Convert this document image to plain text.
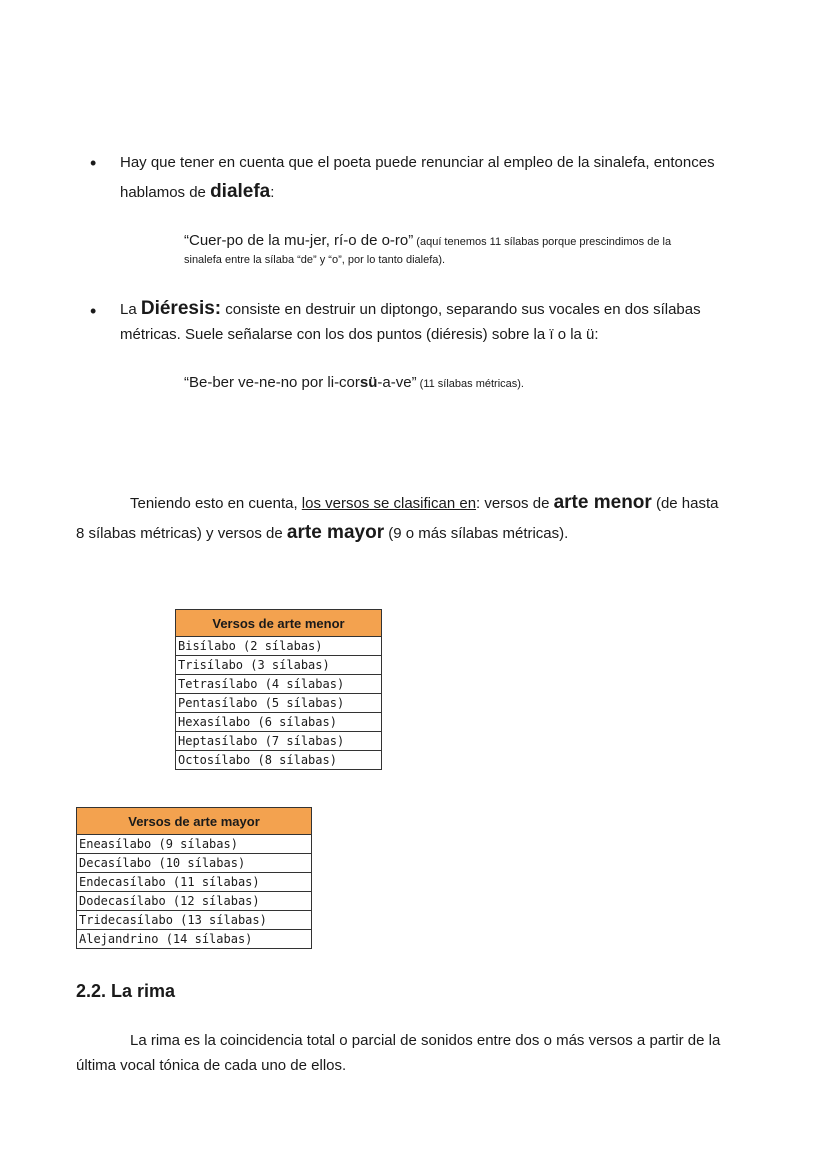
• Hay que tener en cuenta que el poeta puede renunciar al empleo de la sinalefa, entonces
hablamos de dialefa:
“Cuer-po de la mu-jer, rí-o de o-ro” (aquí tenemos 11 sílabas porque prescindimos de la
sinalefa entre la sílaba “de” y “o”, por lo tanto dialefa).
• La Diéresis: consiste en destruir un diptongo, separando sus vocales en dos sílabas
métricas. Suele señalarse con los dos puntos (diéresis) sobre la ï o la ü:
“Be-ber ve-ne-no por li-corsü-a-ve” (11 sílabas métricas).
Teniendo esto en cuenta, los versos se clasifican en: versos de arte menor (de hasta
8 sílabas métricas) y versos de arte mayor (9 o más sílabas métricas).
Versos de arte menor
Bisílabo (2 sílabas)
Trisílabo (3 sílabas)
Tetrasílabo (4 sílabas)
Pentasílabo (5 sílabas)
Hexasílabo (6 sílabas)
Heptasílabo (7 sílabas)
Octosílabo (8 sílabas)
Versos de arte mayor
Eneasílabo (9 sílabas)
Decasílabo (10 sílabas)
Endecasílabo (11 sílabas)
Dodecasílabo (12 sílabas)
Tridecasílabo (13 sílabas)
Alejandrino (14 sílabas)
2.2. La rima
La rima es la coincidencia total o parcial de sonidos entre dos o más versos a partir de la
última vocal tónica de cada uno de ellos.
